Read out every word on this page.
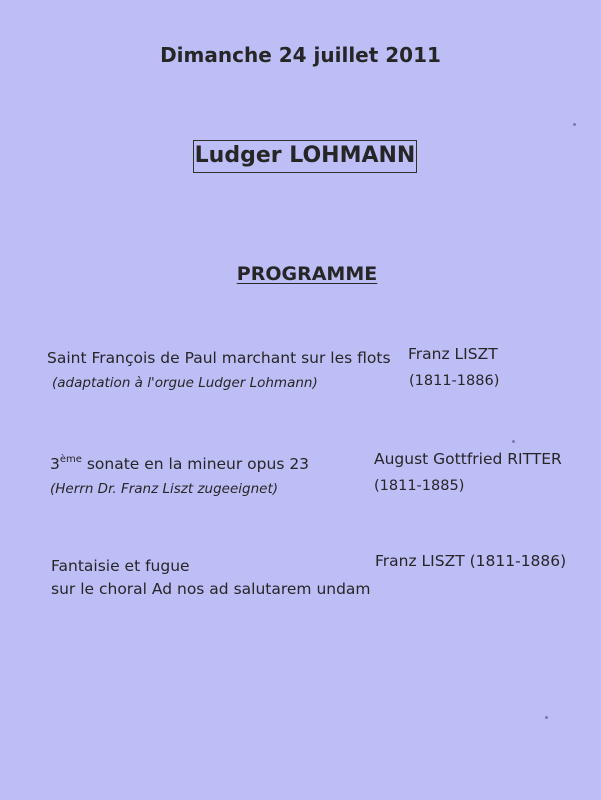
Dimanche 24 juillet 2011

Ludger LOHMANN

PROGRAMME

Saint François de Paul marchant sur les flots

(adaptation à l'orgue Ludger Lohmann)

Franz LISZT

(1811-1886)

3ème sonate en la mineur opus 23

(Herrn Dr. Franz Liszt zugeeignet)

August Gottfried RITTER

(1811-1885)

Fantaisie et fugue

sur le choral Ad nos ad salutarem undam

Franz LISZT (1811-1886)
